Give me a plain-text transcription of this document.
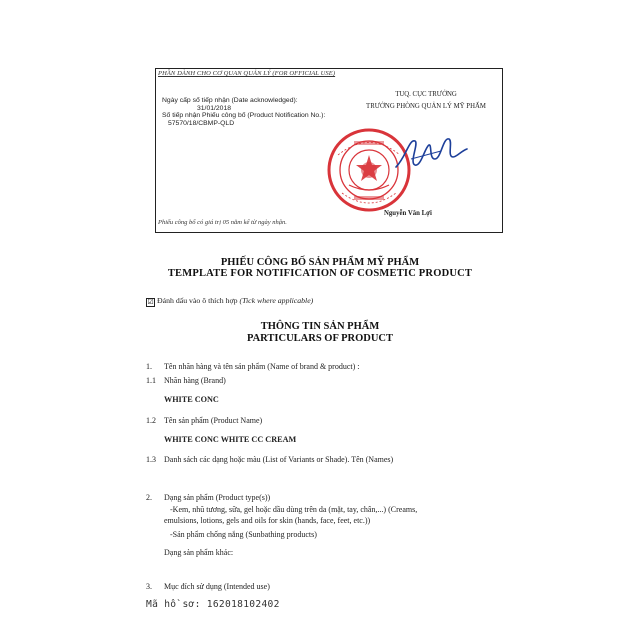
PHẦN DÀNH CHO CƠ QUAN QUẢN LÝ (FOR OFFICIAL USE)
Ngày cấp số tiếp nhận (Date acknowledged):
31/01/2018
Số tiếp nhận Phiếu công bố (Product Notification No.):
57570/18/CBMP-QLD
TUQ. CỤC TRƯỞNG
TRƯỞNG PHÒNG QUẢN LÝ MỸ PHẨM
Nguyễn Văn Lợi
Phiếu công bố có giá trị 05 năm kể từ ngày nhận.
PHIẾU CÔNG BỐ SẢN PHẨM MỸ PHẨM
TEMPLATE FOR NOTIFICATION OF COSMETIC PRODUCT
☑ Đánh dấu vào ô thích hợp (Tick where applicable)
THÔNG TIN SẢN PHẨM
PARTICULARS OF PRODUCT
1. Tên nhãn hàng và tên sản phẩm (Name of brand & product) :
1.1 Nhãn hàng (Brand)
WHITE CONC
1.2 Tên sản phẩm (Product Name)
WHITE CONC WHITE CC CREAM
1.3 Danh sách các dạng hoặc màu (List of Variants or Shade). Tên (Names)
2. Dạng sản phẩm (Product type(s))
-Kem, nhũ tương, sữa, gel hoặc dầu dùng trên da (mặt, tay, chân,...) (Creams,
emulsions, lotions, gels and oils for skin (hands, face, feet, etc.))
-Sản phẩm chống nắng (Sunbathing products)
Dạng sản phẩm khác:
3. Mục đích sử dụng (Intended use)
Mã hồ sơ: 162018102402
